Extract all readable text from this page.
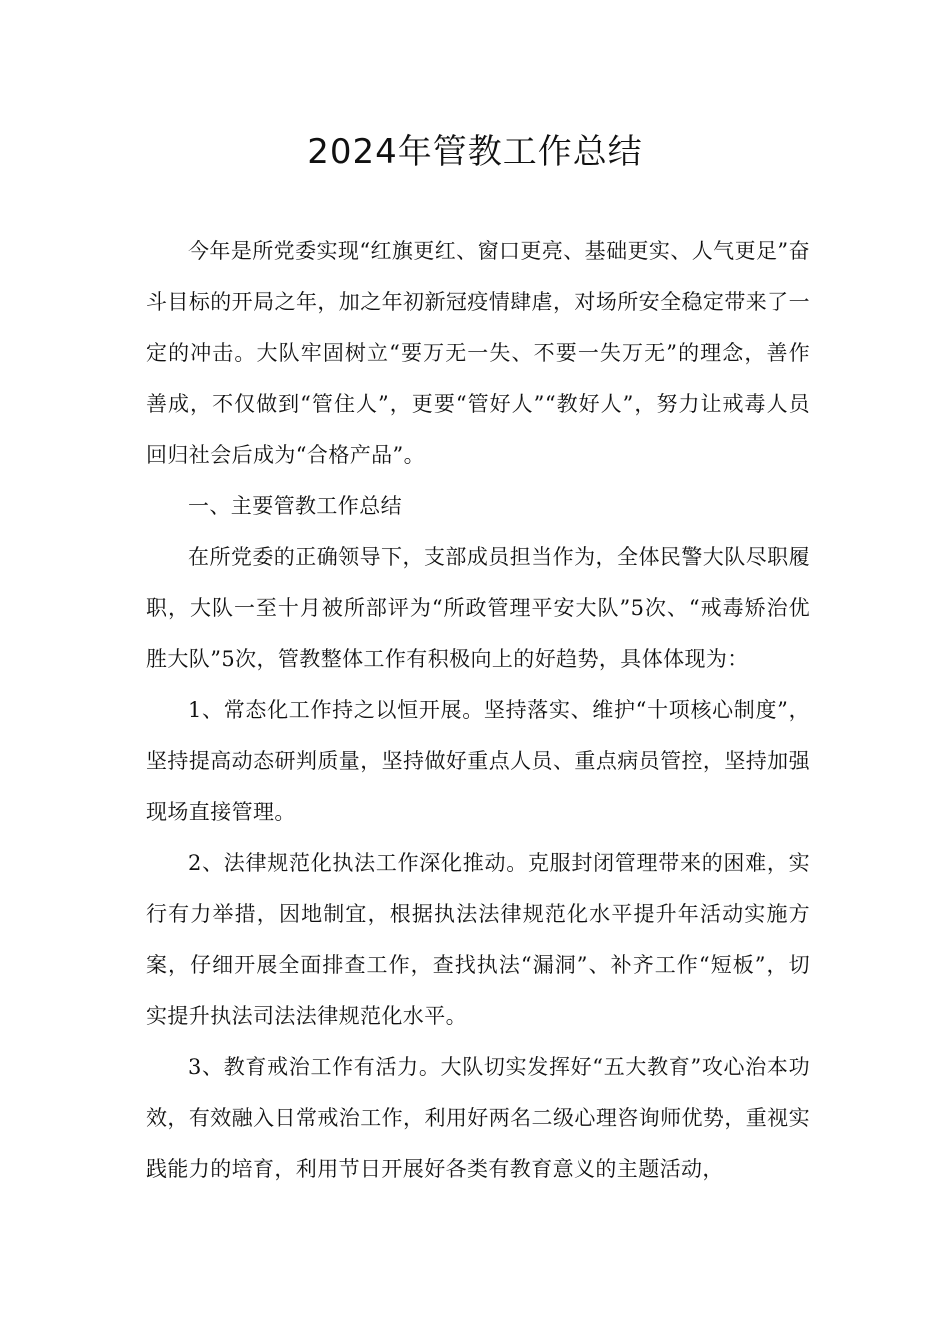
2024年管教工作总结

今年是所党委实现“红旗更红、窗口更亮、基础更实、人气更足”奋斗目标的开局之年，加之年初新冠疫情肆虐，对场所安全稳定带来了一定的冲击。大队牢固树立“要万无一失、不要一失万无”的理念，善作善成，不仅做到“管住人”，更要“管好人”“教好人”，努力让戒毒人员回归社会后成为“合格产品”。

一、主要管教工作总结

在所党委的正确领导下，支部成员担当作为，全体民警大队尽职履职，大队一至十月被所部评为“所政管理平安大队”5次、“戒毒矫治优胜大队”5次，管教整体工作有积极向上的好趋势，具体体现为：

1、常态化工作持之以恒开展。坚持落实、维护“十项核心制度”，坚持提高动态研判质量，坚持做好重点人员、重点病员管控，坚持加强现场直接管理。

2、法律规范化执法工作深化推动。克服封闭管理带来的困难，实行有力举措，因地制宜，根据执法法律规范化水平提升年活动实施方案，仔细开展全面排查工作，查找执法“漏洞”、补齐工作“短板”，切实提升执法司法法律规范化水平。

3、教育戒治工作有活力。大队切实发挥好“五大教育”攻心治本功效，有效融入日常戒治工作，利用好两名二级心理咨询师优势，重视实践能力的培育，利用节日开展好各类有教育意义的主题活动，
